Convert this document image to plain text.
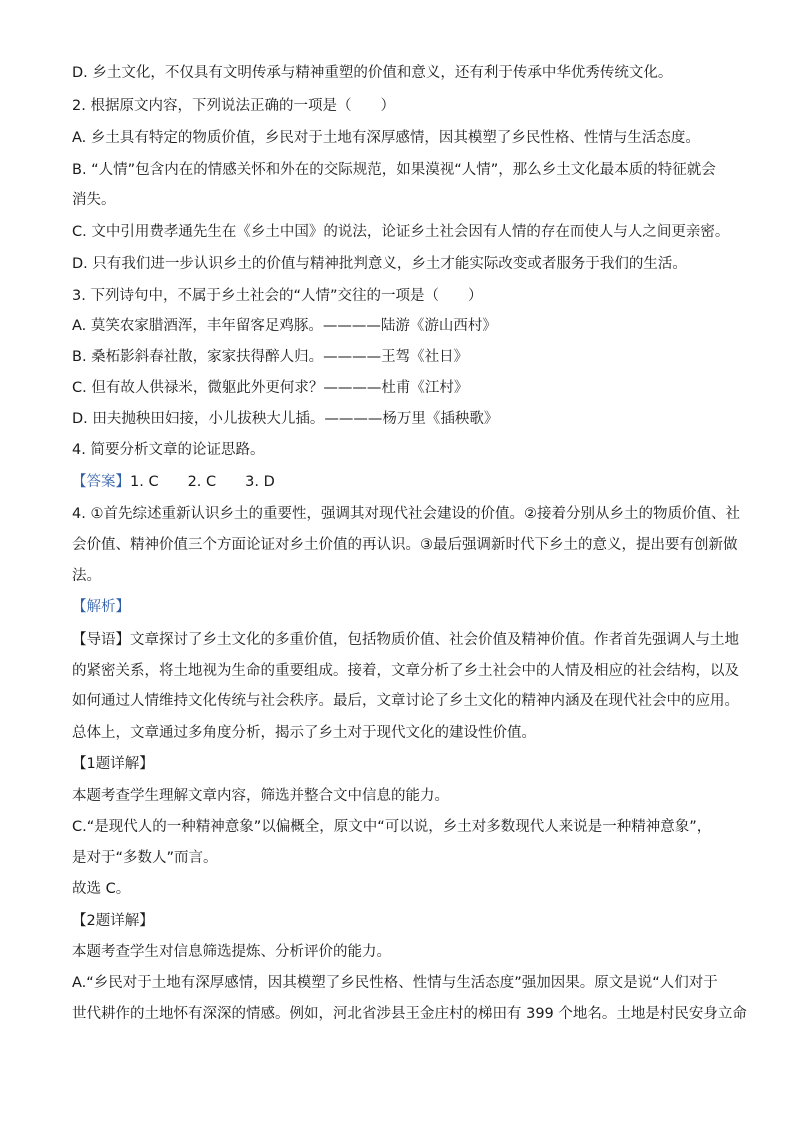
D. 乡土文化，不仅具有文明传承与精神重塑的价值和意义，还有利于传承中华优秀传统文化。
2. 根据原文内容，下列说法正确的一项是（　　）
A. 乡土具有特定的物质价值，乡民对于土地有深厚感情，因其模塑了乡民性格、性情与生活态度。
B. “人情”包含内在的情感关怀和外在的交际规范，如果漠视“人情”，那么乡土文化最本质的特征就会
消失。
C. 文中引用费孝通先生在《乡土中国》的说法，论证乡土社会因有人情的存在而使人与人之间更亲密。
D. 只有我们进一步认识乡土的价值与精神批判意义，乡土才能实际改变或者服务于我们的生活。
3. 下列诗句中，不属于乡土社会的“人情”交往的一项是（　　）
A. 莫笑农家腊酒浑，丰年留客足鸡豚。————陆游《游山西村》
B. 桑柘影斜春社散，家家扶得醉人归。————王驾《社日》
C. 但有故人供禄米，微躯此外更何求？————杜甫《江村》
D. 田夫抛秧田妇接，小儿拔秧大儿插。————杨万里《插秧歌》
4. 简要分析文章的论证思路。
【答案】1. C　　2. C　　3. D
4. ①首先综述重新认识乡土的重要性，强调其对现代社会建设的价值。②接着分别从乡土的物质价值、社
会价值、精神价值三个方面论证对乡土价值的再认识。③最后强调新时代下乡土的意义，提出要有创新做
法。
【解析】
【导语】文章探讨了乡土文化的多重价值，包括物质价值、社会价值及精神价值。作者首先强调人与土地
的紧密关系，将土地视为生命的重要组成。接着，文章分析了乡土社会中的人情及相应的社会结构，以及
如何通过人情维持文化传统与社会秩序。最后，文章讨论了乡土文化的精神内涵及在现代社会中的应用。
总体上，文章通过多角度分析，揭示了乡土对于现代文化的建设性价值。
【1题详解】
本题考查学生理解文章内容，筛选并整合文中信息的能力。
C.“是现代人的一种精神意象”以偏概全，原文中“可以说，乡土对多数现代人来说是一种精神意象”，
是对于“多数人”而言。
故选 C。
【2题详解】
本题考查学生对信息筛选提炼、分析评价的能力。
A.“乡民对于土地有深厚感情，因其模塑了乡民性格、性情与生活态度”强加因果。原文是说“人们对于
世代耕作的土地怀有深深的情感。例如，河北省涉县王金庄村的梯田有 399 个地名。土地是村民安身立命
